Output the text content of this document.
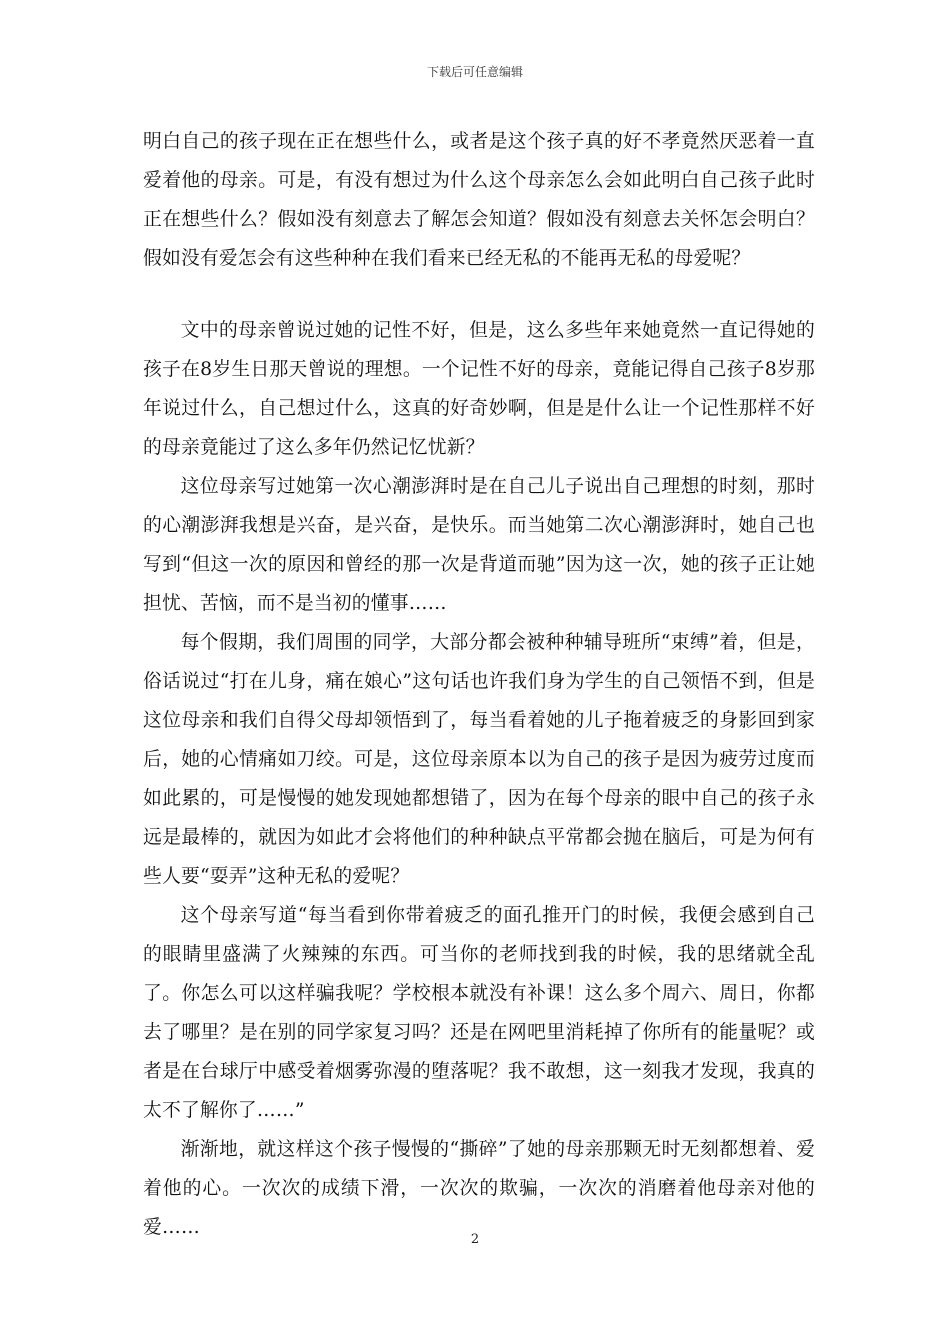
下载后可任意编辑

明白自己的孩子现在正在想些什么，或者是这个孩子真的好不孝竟然厌恶着一直爱着他的母亲。可是，有没有想过为什么这个母亲怎么会如此明白自己孩子此时正在想些什么？假如没有刻意去了解怎会知道？假如没有刻意去关怀怎会明白？假如没有爱怎会有这些种种在我们看来已经无私的不能再无私的母爱呢？

文中的母亲曾说过她的记性不好，但是，这么多些年来她竟然一直记得她的孩子在8岁生日那天曾说的理想。一个记性不好的母亲，竟能记得自己孩子8岁那年说过什么，自己想过什么，这真的好奇妙啊，但是是什么让一个记性那样不好的母亲竟能过了这么多年仍然记忆忧新？

这位母亲写过她第一次心潮澎湃时是在自己儿子说出自己理想的时刻，那时的心潮澎湃我想是兴奋，是兴奋，是快乐。而当她第二次心潮澎湃时，她自己也写到“但这一次的原因和曾经的那一次是背道而驰”因为这一次，她的孩子正让她担忧、苦恼，而不是当初的懂事……

每个假期，我们周围的同学，大部分都会被种种辅导班所“束缚”着，但是，俗话说过“打在儿身，痛在娘心”这句话也许我们身为学生的自己领悟不到，但是这位母亲和我们自得父母却领悟到了，每当看着她的儿子拖着疲乏的身影回到家后，她的心情痛如刀绞。可是，这位母亲原本以为自己的孩子是因为疲劳过度而如此累的，可是慢慢的她发现她都想错了，因为在每个母亲的眼中自己的孩子永远是最棒的，就因为如此才会将他们的种种缺点平常都会抛在脑后，可是为何有些人要“耍弄”这种无私的爱呢？

这个母亲写道“每当看到你带着疲乏的面孔推开门的时候，我便会感到自己的眼睛里盛满了火辣辣的东西。可当你的老师找到我的时候，我的思绪就全乱了。你怎么可以这样骗我呢？学校根本就没有补课！这么多个周六、周日，你都去了哪里？是在别的同学家复习吗？还是在网吧里消耗掉了你所有的能量呢？或者是在台球厅中感受着烟雾弥漫的堕落呢？我不敢想，这一刻我才发现，我真的太不了解你了……”

渐渐地，就这样这个孩子慢慢的“撕碎”了她的母亲那颗无时无刻都想着、爱着他的心。一次次的成绩下滑，一次次的欺骗，一次次的消磨着他母亲对他的爱……

2
